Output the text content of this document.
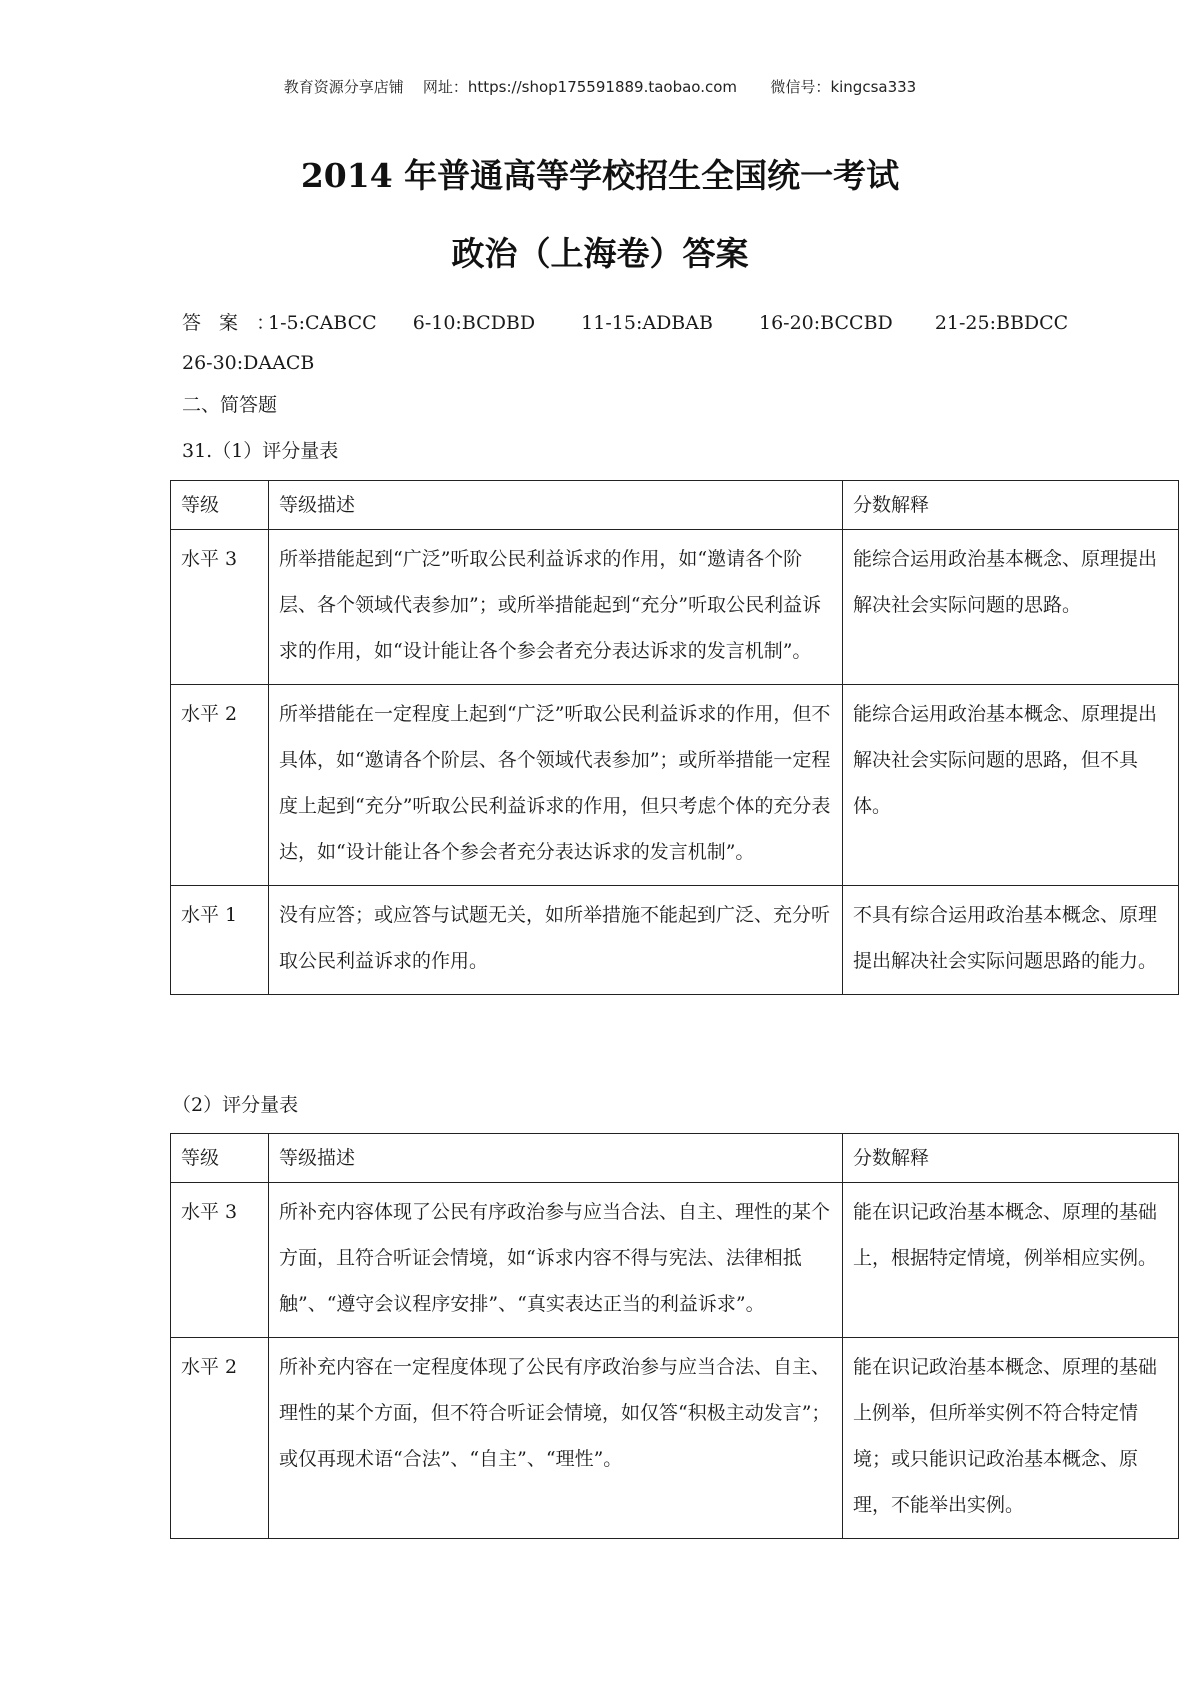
教育资源分享店铺 网址：https://shop175591889.taobao.com 微信号：kingcsa333
2014 年普通高等学校招生全国统一考试
政治（上海卷）答案
答 案 ： 1-5:CABCC 6-10:BCDBD 11-15:ADBAB 16-20:BCCBD 21-25:BBDCC
26-30:DAACB
二、简答题
31.（1）评分量表
等级	等级描述	分数解释
水平 3	所举措能起到“广泛”听取公民利益诉求的作用，如“邀请各个阶层、各个领域代表参加”；或所举措能起到“充分”听取公民利益诉求的作用，如“设计能让各个参会者充分表达诉求的发言机制”。	能综合运用政治基本概念、原理提出解决社会实际问题的思路。
水平 2	所举措能在一定程度上起到“广泛”听取公民利益诉求的作用，但不具体，如“邀请各个阶层、各个领域代表参加”；或所举措能一定程度上起到“充分”听取公民利益诉求的作用，但只考虑个体的充分表达，如“设计能让各个参会者充分表达诉求的发言机制”。	能综合运用政治基本概念、原理提出解决社会实际问题的思路，但不具体。
水平 1	没有应答；或应答与试题无关，如所举措施不能起到广泛、充分听取公民利益诉求的作用。	不具有综合运用政治基本概念、原理提出解决社会实际问题思路的能力。
（2）评分量表
等级	等级描述	分数解释
水平 3	所补充内容体现了公民有序政治参与应当合法、自主、理性的某个方面，且符合听证会情境，如“诉求内容不得与宪法、法律相抵触”、“遵守会议程序安排”、“真实表达正当的利益诉求”。	能在识记政治基本概念、原理的基础上，根据特定情境，例举相应实例。
水平 2	所补充内容在一定程度体现了公民有序政治参与应当合法、自主、理性的某个方面，但不符合听证会情境，如仅答“积极主动发言”；或仅再现术语“合法”、“自主”、“理性”。	能在识记政治基本概念、原理的基础上例举，但所举实例不符合特定情境；或只能识记政治基本概念、原理，不能举出实例。
